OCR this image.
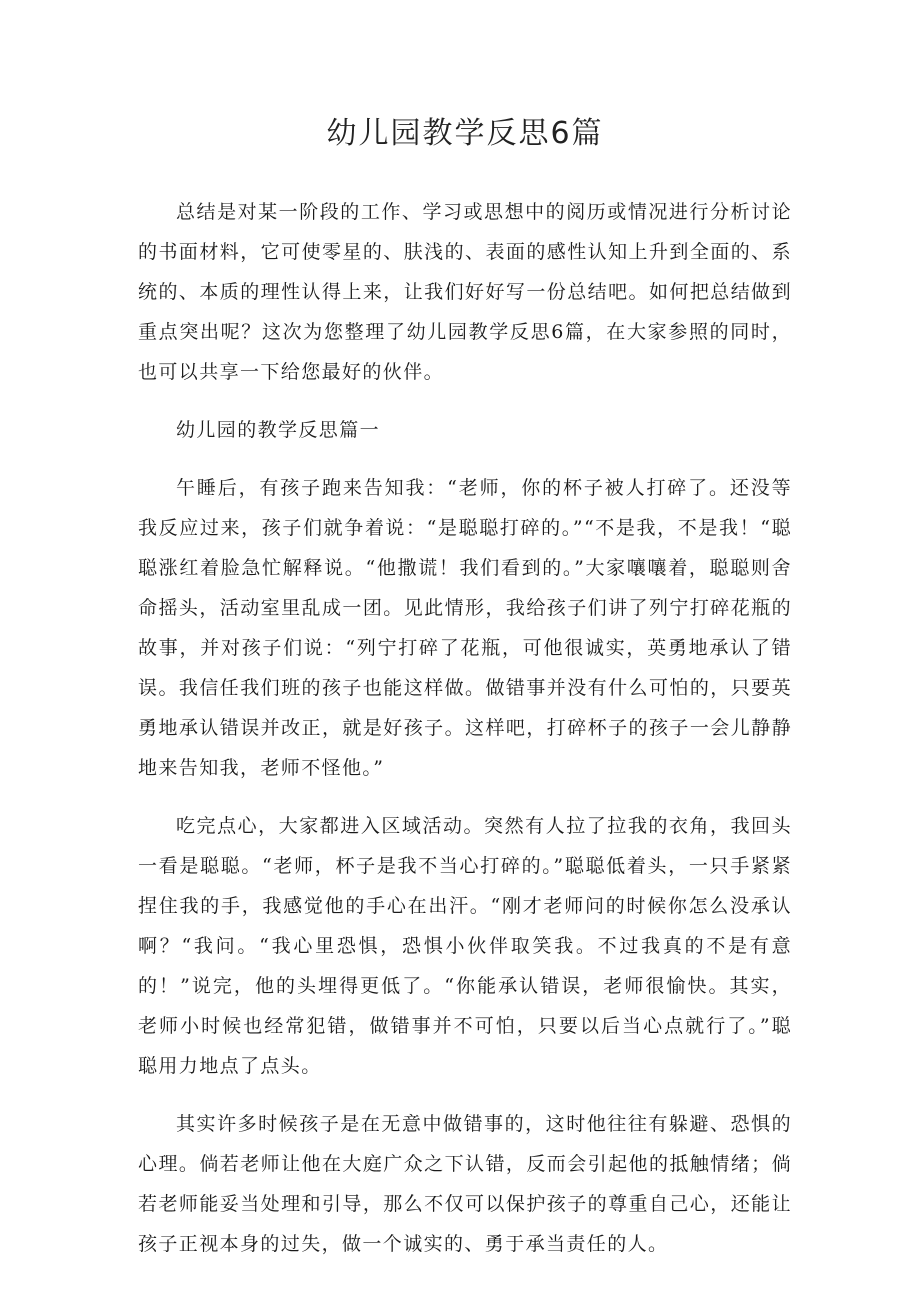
幼儿园教学反思6篇

总结是对某一阶段的工作、学习或思想中的阅历或情况进行分析讨论的书面材料，它可使零星的、肤浅的、表面的感性认知上升到全面的、系统的、本质的理性认得上来，让我们好好写一份总结吧。如何把总结做到重点突出呢？这次为您整理了幼儿园教学反思6篇，在大家参照的同时，也可以共享一下给您最好的伙伴。

幼儿园的教学反思篇一

午睡后，有孩子跑来告知我：“老师，你的杯子被人打碎了。还没等我反应过来，孩子们就争着说：“是聪聪打碎的。”“不是我，不是我！“聪聪涨红着脸急忙解释说。“他撒谎！我们看到的。”大家嚷嚷着，聪聪则舍命摇头，活动室里乱成一团。见此情形，我给孩子们讲了列宁打碎花瓶的故事，并对孩子们说：“列宁打碎了花瓶，可他很诚实，英勇地承认了错误。我信任我们班的孩子也能这样做。做错事并没有什么可怕的，只要英勇地承认错误并改正，就是好孩子。这样吧，打碎杯子的孩子一会儿静静地来告知我，老师不怪他。”

吃完点心，大家都进入区域活动。突然有人拉了拉我的衣角，我回头一看是聪聪。“老师，杯子是我不当心打碎的。”聪聪低着头，一只手紧紧捏住我的手，我感觉他的手心在出汗。“刚才老师问的时候你怎么没承认啊？“我问。“我心里恐惧，恐惧小伙伴取笑我。不过我真的不是有意的！”说完，他的头埋得更低了。“你能承认错误，老师很愉快。其实，老师小时候也经常犯错，做错事并不可怕，只要以后当心点就行了。”聪聪用力地点了点头。

其实许多时候孩子是在无意中做错事的，这时他往往有躲避、恐惧的心理。倘若老师让他在大庭广众之下认错，反而会引起他的抵触情绪；倘若老师能妥当处理和引导，那么不仅可以保护孩子的尊重自己心，还能让孩子正视本身的过失，做一个诚实的、勇于承当责任的人。
